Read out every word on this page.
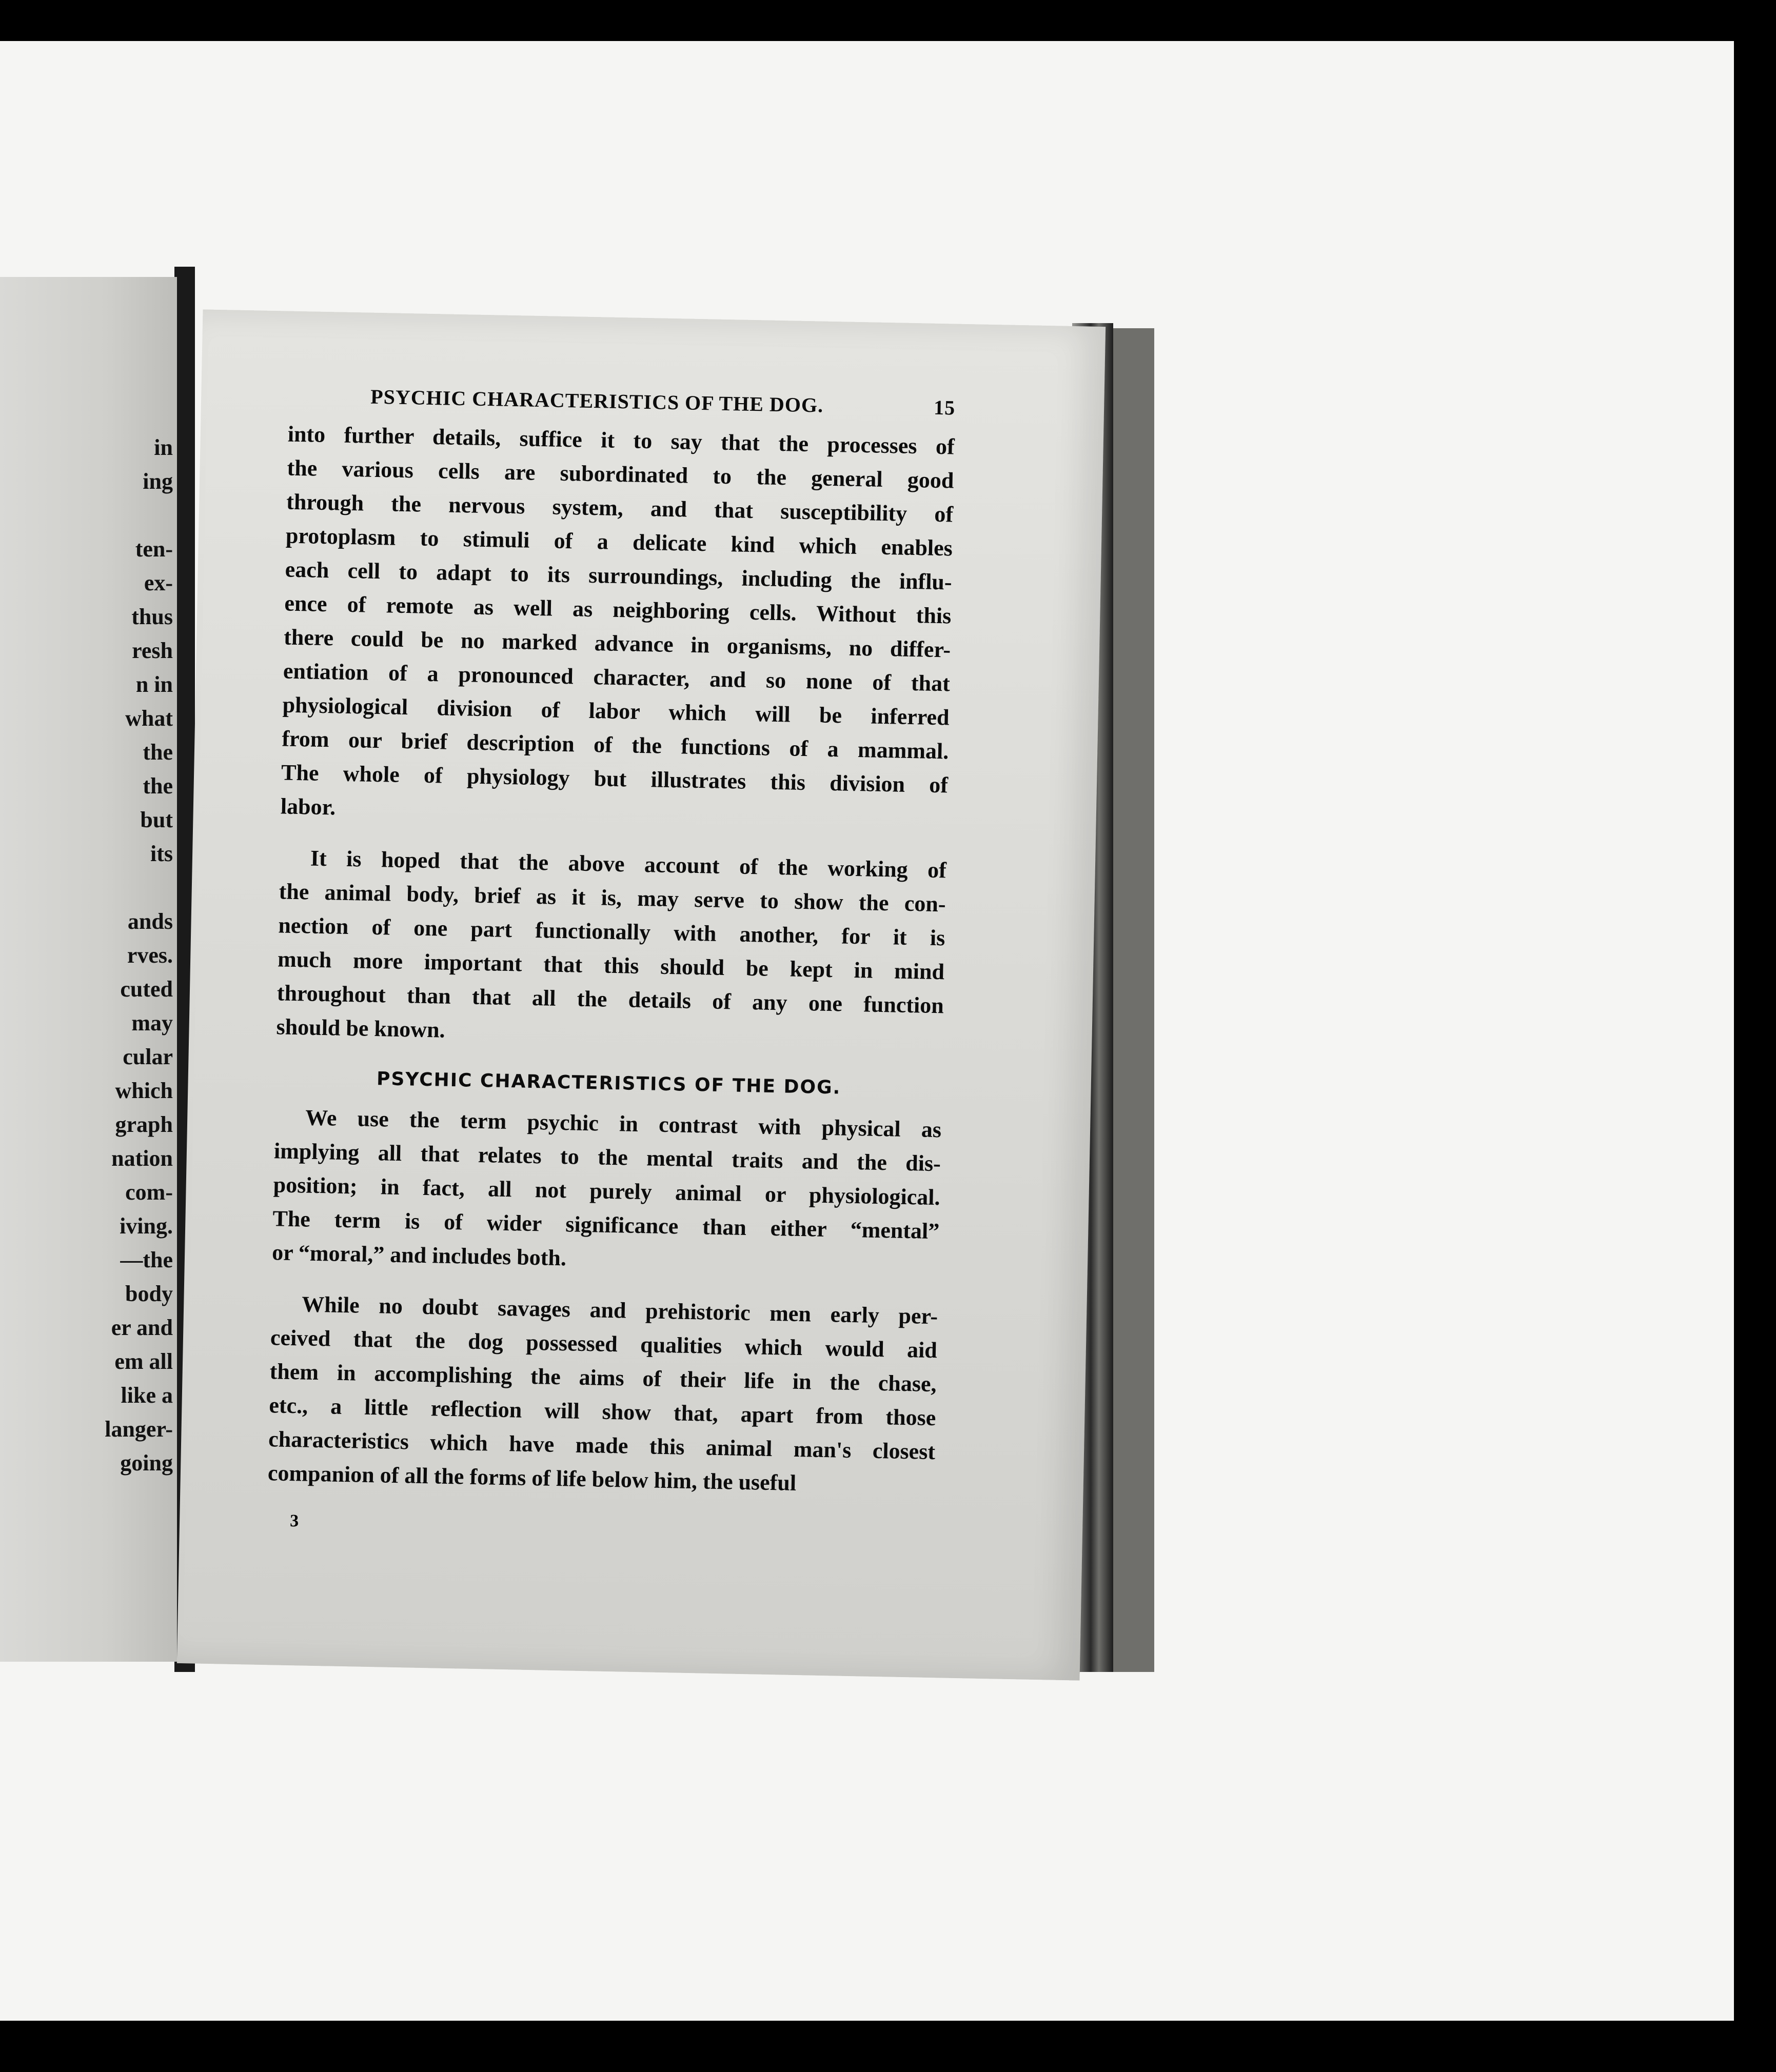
in
ing

ten-
ex-
thus
resh
n in
what
the
the
but
its

ands
rves.
cuted
may
cular
which
graph
nation
com-
iving.
—the
body
er and
em all
like a
langer-
going
PSYCHIC CHARACTERISTICS OF THE DOG.	15
into further details, suffice it to say that the processes of
the various cells are subordinated to the general good
through the nervous system, and that susceptibility of
protoplasm to stimuli of a delicate kind which enables
each cell to adapt to its surroundings, including the influ-
ence of remote as well as neighboring cells. Without this
there could be no marked advance in organisms, no differ-
entiation of a pronounced character, and so none of that
physiological division of labor which will be inferred
from our brief description of the functions of a mammal.
The whole of physiology but illustrates this division of
labor.
It is hoped that the above account of the working of
the animal body, brief as it is, may serve to show the con-
nection of one part functionally with another, for it is
much more important that this should be kept in mind
throughout than that all the details of any one function
should be known.
PSYCHIC CHARACTERISTICS OF THE DOG.
We use the term psychic in contrast with physical as
implying all that relates to the mental traits and the dis-
position; in fact, all not purely animal or physiological.
The term is of wider significance than either “mental”
or “moral,” and includes both.
While no doubt savages and prehistoric men early per-
ceived that the dog possessed qualities which would aid
them in accomplishing the aims of their life in the chase,
etc., a little reflection will show that, apart from those
characteristics which have made this animal man's closest
companion of all the forms of life below him, the useful
3
